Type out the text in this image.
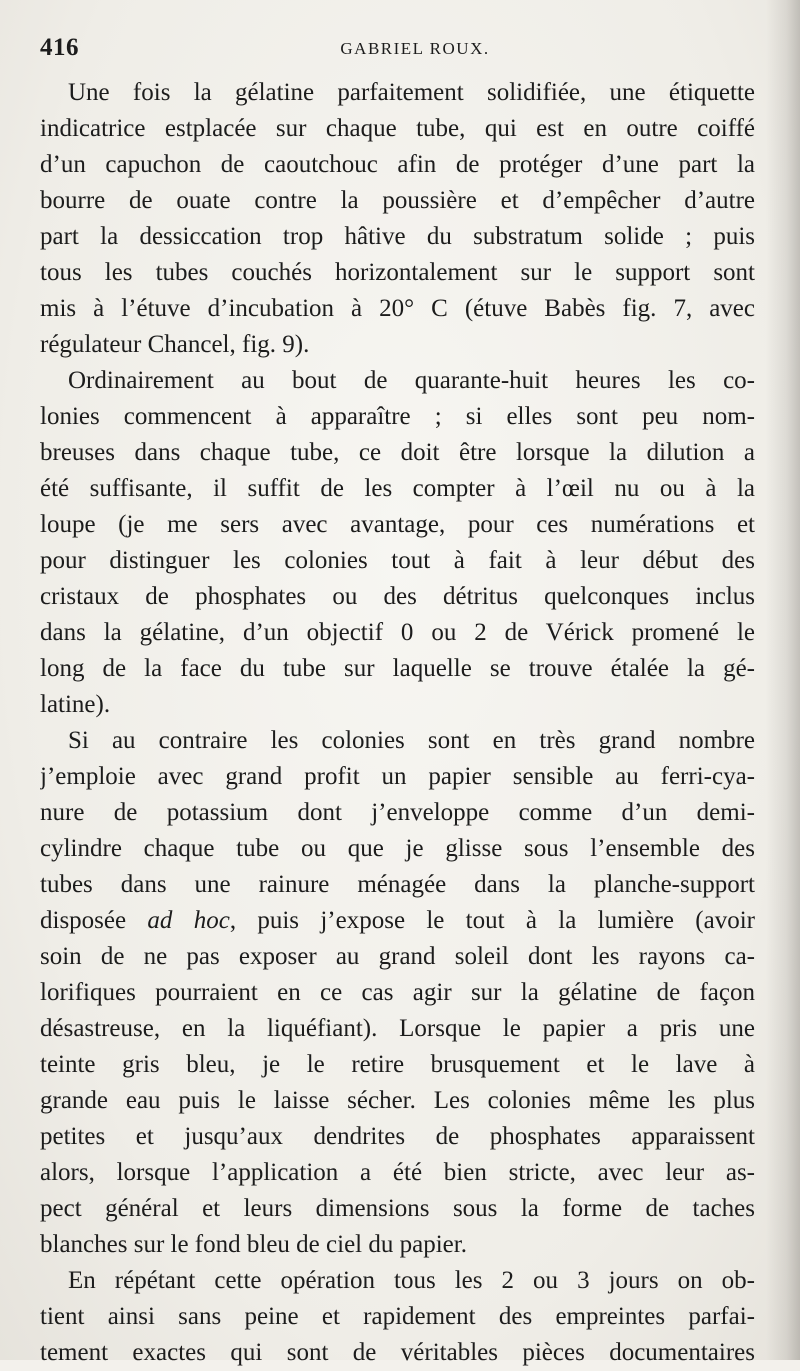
416	GABRIEL ROUX.
Une fois la gélatine parfaitement solidifiée, une étiquette
indicatrice estplacée sur chaque tube, qui est en outre coiffé
d’un capuchon de caoutchouc afin de protéger d’une part la
bourre de ouate contre la poussière et d’empêcher d’autre
part la dessiccation trop hâtive du substratum solide ; puis
tous les tubes couchés horizontalement sur le support sont
mis à l’étuve d’incubation à 20° C (étuve Babès fig. 7, avec
régulateur Chancel, fig. 9).
Ordinairement au bout de quarante-huit heures les co-
lonies commencent à apparaître ; si elles sont peu nom-
breuses dans chaque tube, ce doit être lorsque la dilution a
été suffisante, il suffit de les compter à l’œil nu ou à la
loupe (je me sers avec avantage, pour ces numérations et
pour distinguer les colonies tout à fait à leur début des
cristaux de phosphates ou des détritus quelconques inclus
dans la gélatine, d’un objectif 0 ou 2 de Vérick promené le
long de la face du tube sur laquelle se trouve étalée la gé-
latine).
Si au contraire les colonies sont en très grand nombre
j’emploie avec grand profit un papier sensible au ferri-cya-
nure de potassium dont j’enveloppe comme d’un demi-
cylindre chaque tube ou que je glisse sous l’ensemble des
tubes dans une rainure ménagée dans la planche-support
disposée ad hoc, puis j’expose le tout à la lumière (avoir
soin de ne pas exposer au grand soleil dont les rayons ca-
lorifiques pourraient en ce cas agir sur la gélatine de façon
désastreuse, en la liquéfiant). Lorsque le papier a pris une
teinte gris bleu, je le retire brusquement et le lave à
grande eau puis le laisse sécher. Les colonies même les plus
petites et jusqu’aux dendrites de phosphates apparaissent
alors, lorsque l’application a été bien stricte, avec leur as-
pect général et leurs dimensions sous la forme de taches
blanches sur le fond bleu de ciel du papier.
En répétant cette opération tous les 2 ou 3 jours on ob-
tient ainsi sans peine et rapidement des empreintes parfai-
tement exactes qui sont de véritables pièces documentaires
